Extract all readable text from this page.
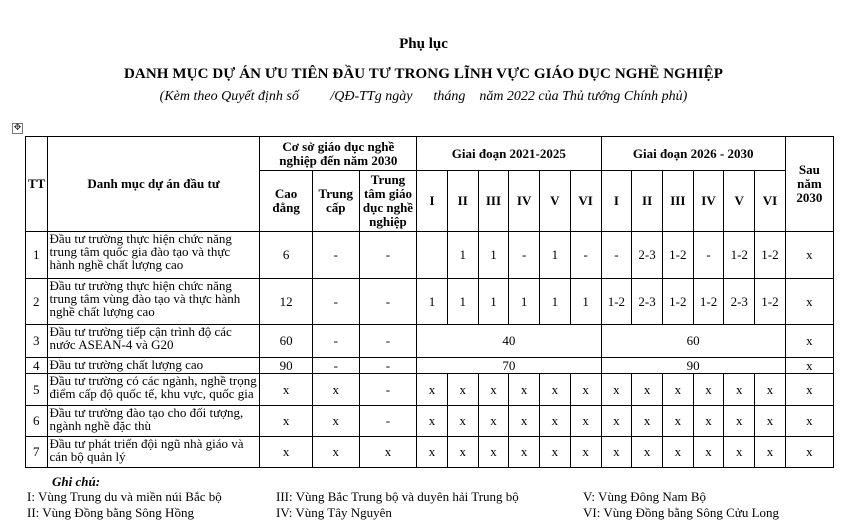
Phụ lục
DANH MỤC DỰ ÁN ƯU TIÊN ĐẦU TƯ TRONG LĨNH VỰC GIÁO DỤC NGHỀ NGHIỆP
(Kèm theo Quyết định số         /QĐ-TTg ngày      tháng    năm 2022 của Thủ tướng Chính phủ)
✥
TT	Danh mục dự án đầu tư	Cơ sở giáo dục nghề nghiệp đến năm 2030			Giai đoạn 2021-2025						Giai đoạn 2026 - 2030						Sau năm 2030
		Cao đẳng	Trung cấp	Trung tâm giáo dục nghề nghiệp	I	II	III	IV	V	VI	I	II	III	IV	V	VI	
1	Đầu tư trường thực hiện chức năng trung tâm quốc gia đào tạo và thực hành nghề chất lượng cao	6	-	-		1	1	-	1	-	-	2-3	1-2	-	1-2	1-2	x
2	Đầu tư trường thực hiện chức năng trung tâm vùng đào tạo và thực hành nghề chất lượng cao	12	-	-	1	1	1	1	1	1	1-2	2-3	1-2	1-2	2-3	1-2	x
3	Đầu tư trường tiếp cận trình độ các nước ASEAN-4 và G20	60	-	-	40						60						x
4	Đầu tư trường chất lượng cao	90	-	-	70						90						x
5	Đầu tư trường có các ngành, nghề trọng điểm cấp độ quốc tế, khu vực, quốc gia	x	x	-	x	x	x	x	x	x	x	x	x	x	x	x	x
6	Đầu tư trường đào tạo cho đối tượng, ngành nghề đặc thù	x	x	-	x	x	x	x	x	x	x	x	x	x	x	x	x
7	Đầu tư phát triển đội ngũ nhà giáo và cán bộ quản lý	x	x	x	x	x	x	x	x	x	x	x	x	x	x	x	x
Ghi chú:
I: Vùng Trung du và miền núi Bắc bộ
II: Vùng Đồng bằng Sông Hồng
III: Vùng Bắc Trung bộ và duyên hải Trung bộ
IV: Vùng Tây Nguyên
V: Vùng Đông Nam Bộ
VI: Vùng Đồng bằng Sông Cửu Long
